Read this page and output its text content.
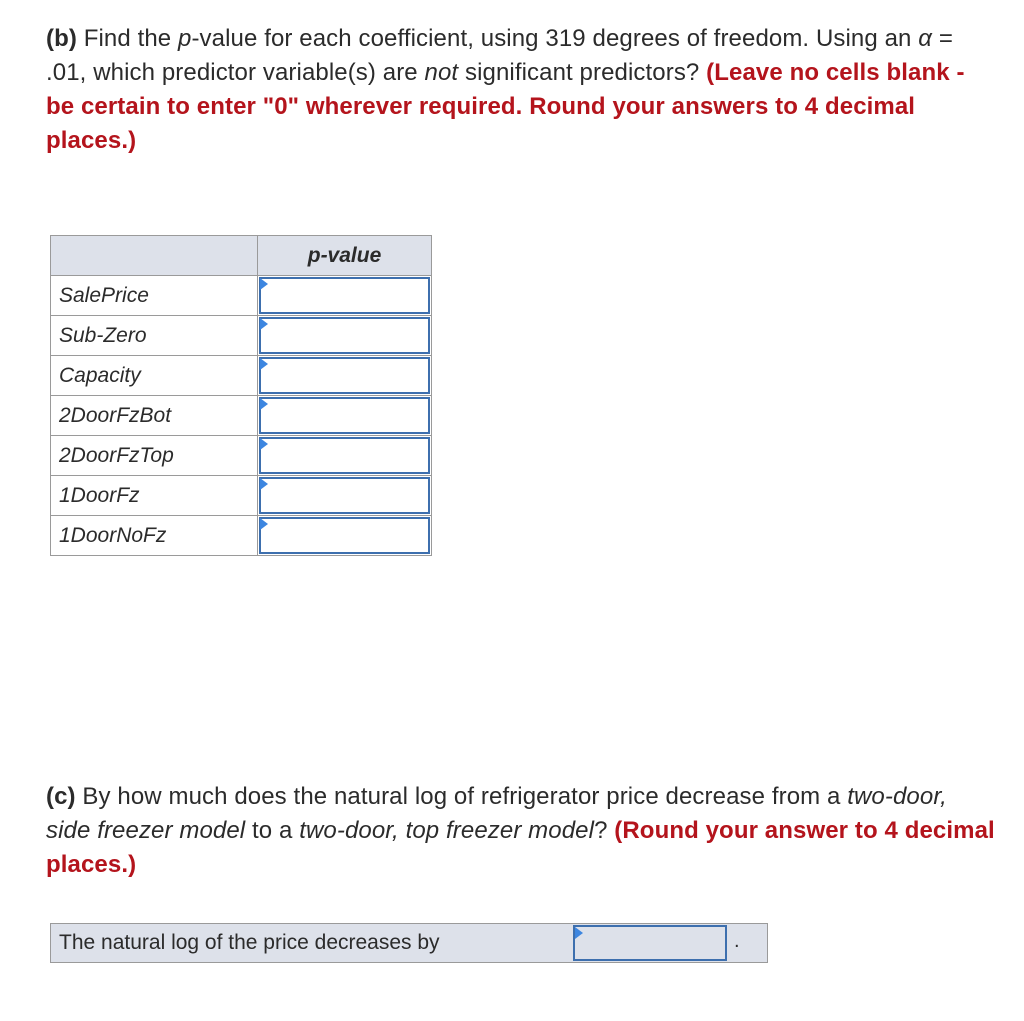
(b) Find the p-value for each coefficient, using 319 degrees of freedom. Using an α = .01, which predictor variable(s) are not significant predictors? (Leave no cells blank - be certain to enter "0" wherever required. Round your answers to 4 decimal places.)
	p-value
SalePrice	

Sub-Zero	

Capacity	

2DoorFzBot	

2DoorFzTop	

1DoorFz	

1DoorNoFz	
(c) By how much does the natural log of refrigerator price decrease from a two-door, side freezer model to a two-door, top freezer model? (Round your answer to 4 decimal places.)
The natural log of the price decreases by	.
